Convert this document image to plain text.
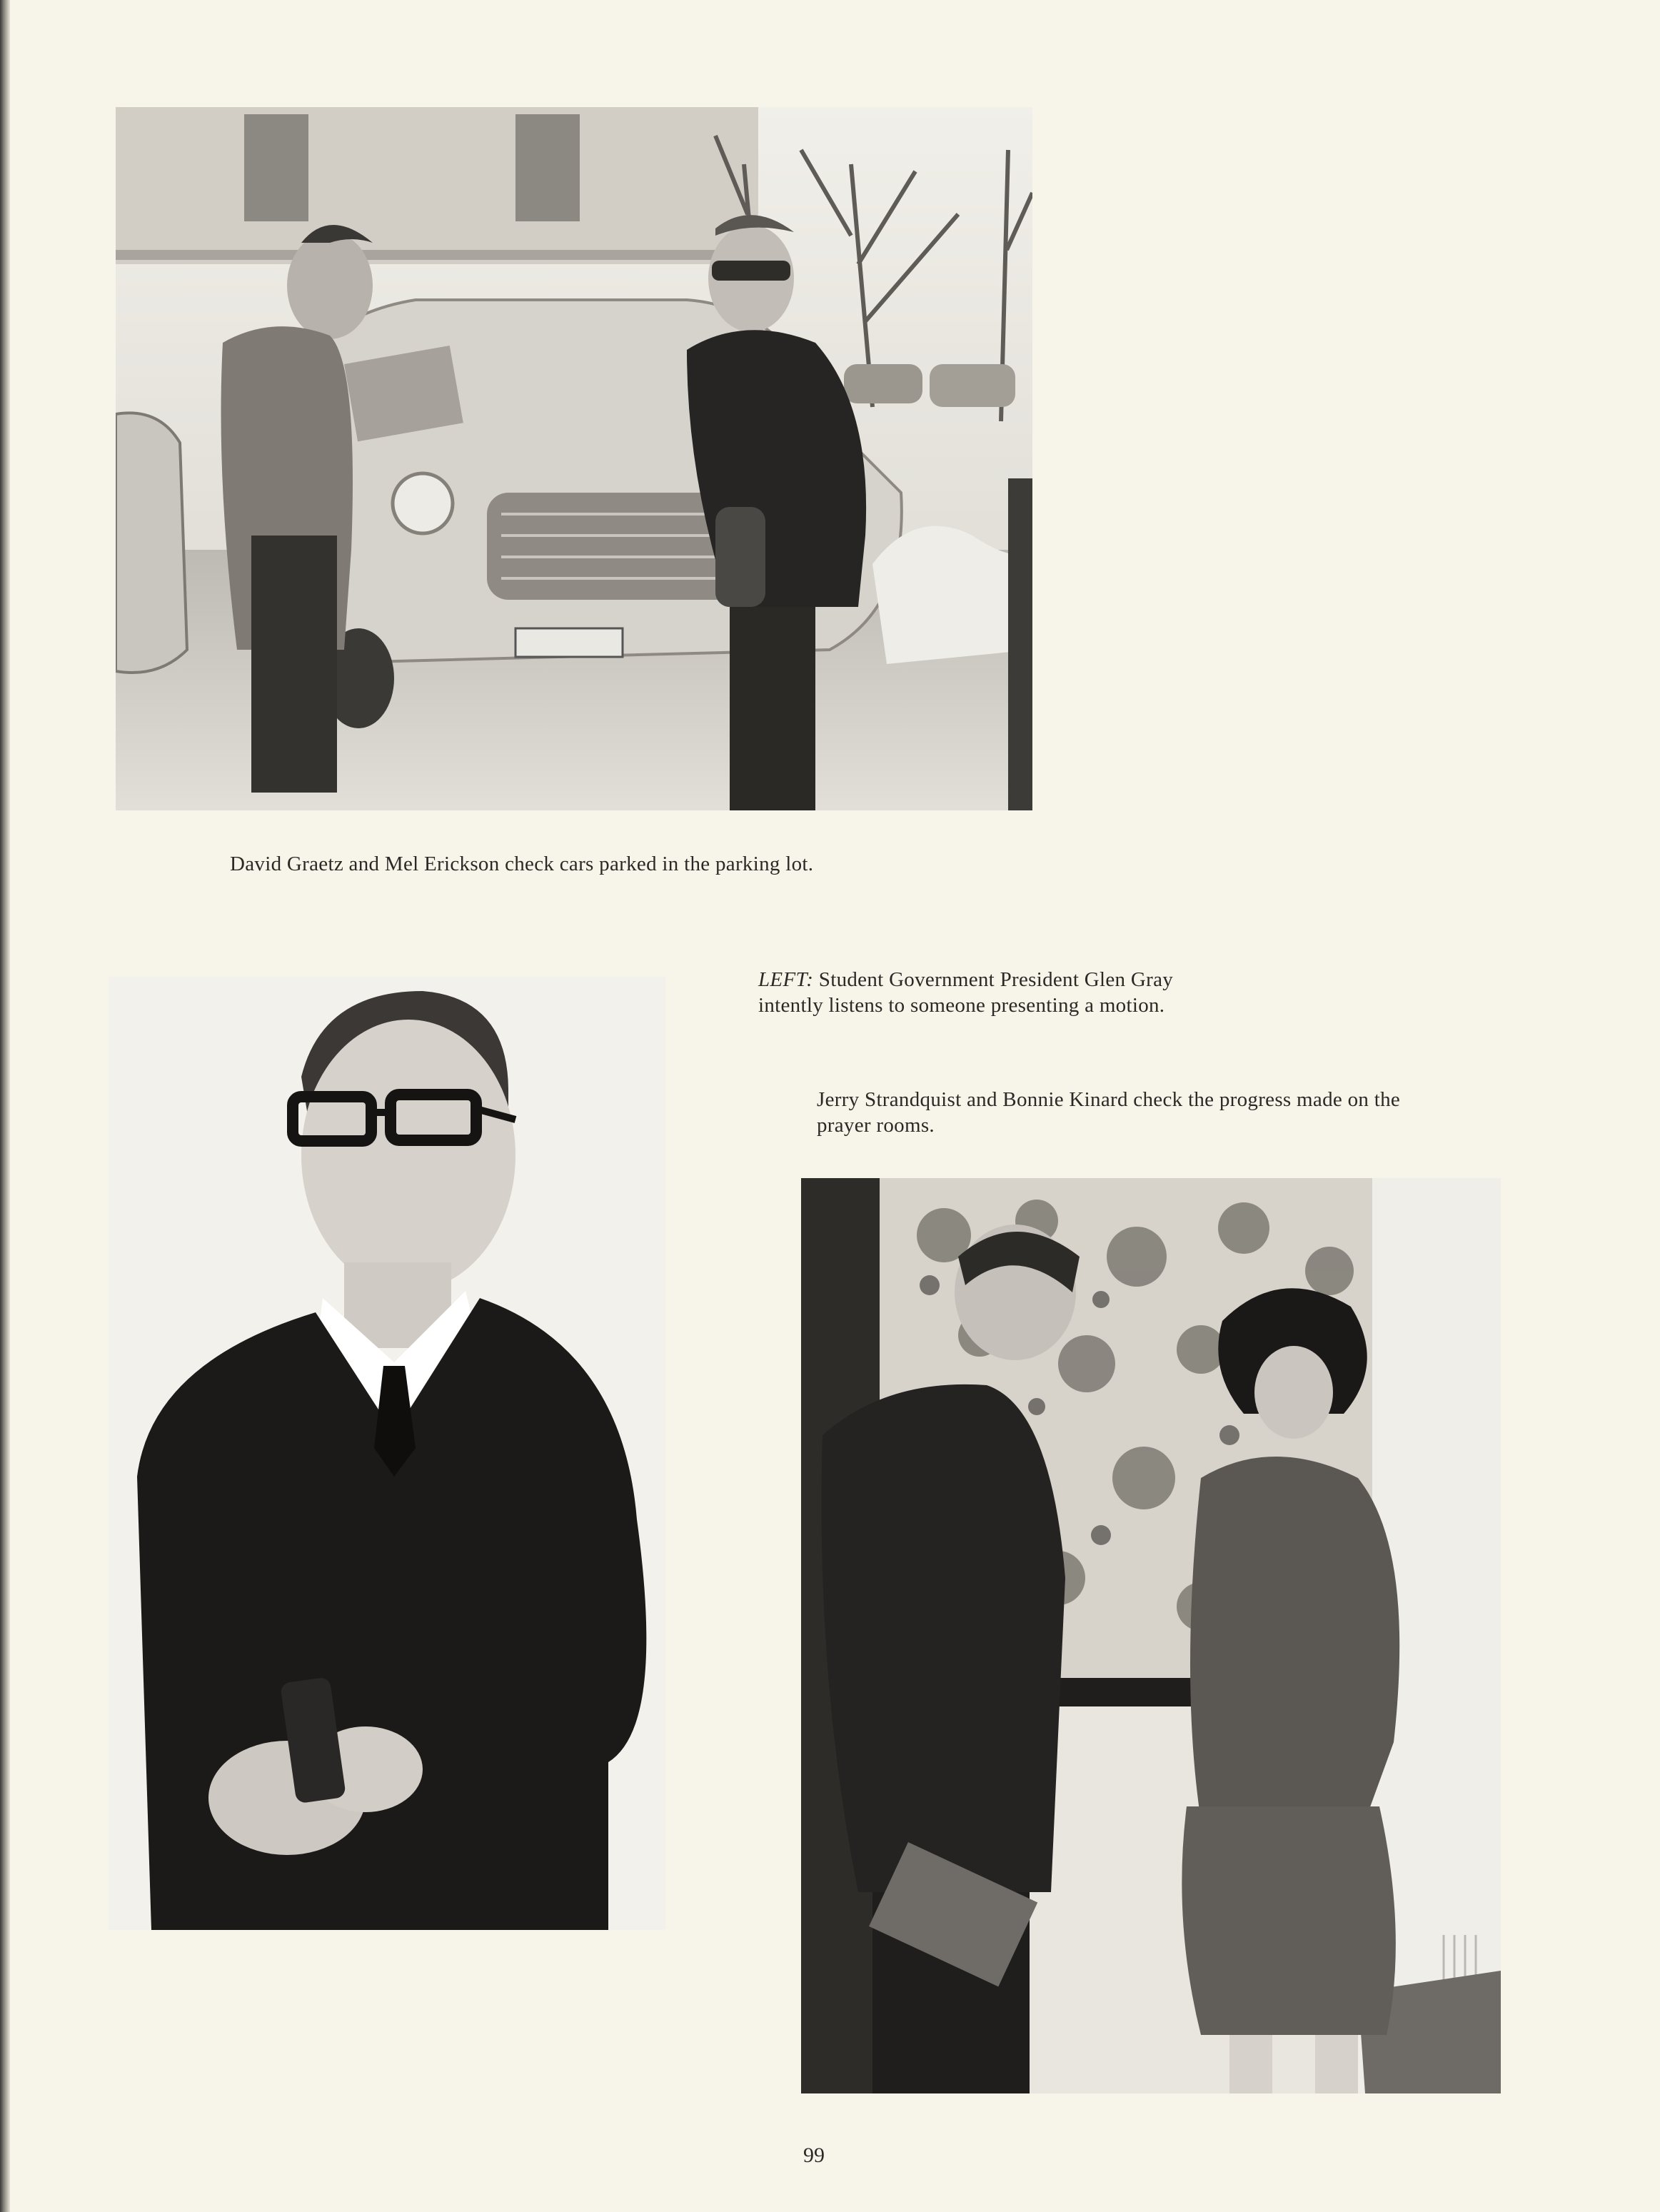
David Graetz and Mel Erickson check cars parked in the parking lot.
LEFT: Student Government President Glen Gray
intently listens to someone presenting a motion.
Jerry Strandquist and Bonnie Kinard check the progress made on the
prayer rooms.
99
